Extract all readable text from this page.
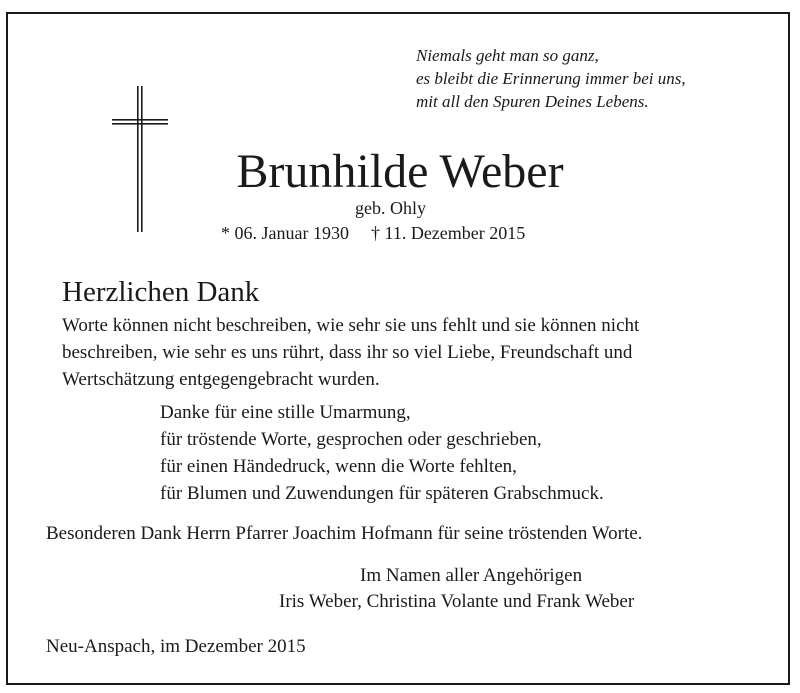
Niemals geht man so ganz,
es bleibt die Erinnerung immer bei uns,
mit all den Spuren Deines Lebens.
Brunhilde Weber
geb. Ohly
* 06. Januar 1930 † 11. Dezember 2015
Herzlichen Dank
Worte können nicht beschreiben, wie sehr sie uns fehlt und sie können nicht
beschreiben, wie sehr es uns rührt, dass ihr so viel Liebe, Freundschaft und
Wertschätzung entgegengebracht wurden.
Danke für eine stille Umarmung,
für tröstende Worte, gesprochen oder geschrieben,
für einen Händedruck, wenn die Worte fehlten,
für Blumen und Zuwendungen für späteren Grabschmuck.
Besonderen Dank Herrn Pfarrer Joachim Hofmann für seine tröstenden Worte.
Im Namen aller Angehörigen
Iris Weber, Christina Volante und Frank Weber
Neu-Anspach, im Dezember 2015
